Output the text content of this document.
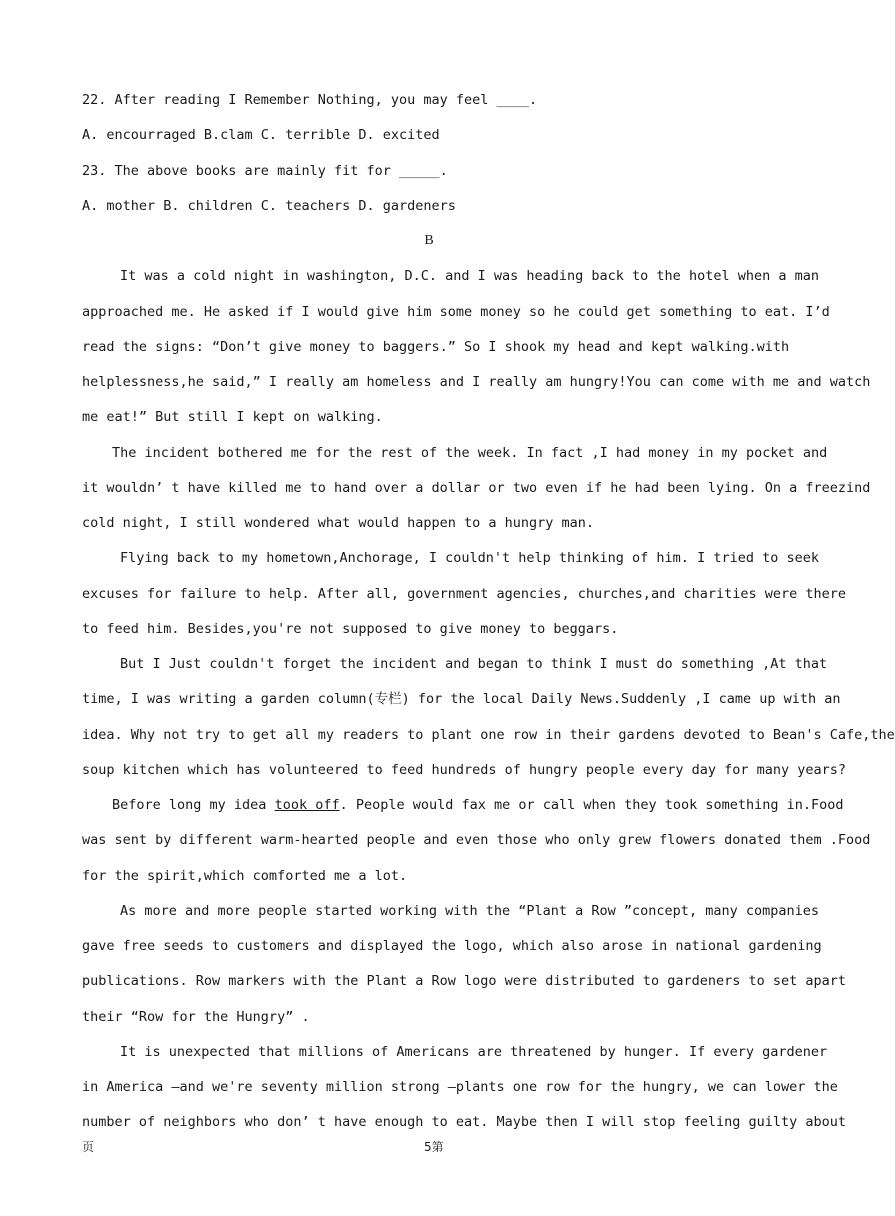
22. After reading I Remember Nothing, you may feel ____.
A. encourraged B.clam C. terrible D. excited
23. The above books are mainly fit for _____.
A. mother B. children C. teachers D. gardeners
B
It was a cold night in washington, D.C. and I was heading back to the hotel when a man
approached me. He asked if I would give him some money so he could get something to eat. I’d
read the signs: “Don’t give money to baggers.” So I shook my head and kept walking.with
helplessness,he said,” I really am homeless and I really am hungry!You can come with me and watch
me eat!” But still I kept on walking.
The incident bothered me for the rest of the week. In fact ,I had money in my pocket and
it wouldn’ t have killed me to hand over a dollar or two even if he had been lying. On a freezind
cold night, I still wondered what would happen to a hungry man.
Flying back to my hometown,Anchorage, I couldn't help thinking of him. I tried to seek
excuses for failure to help. After all, government agencies, churches,and charities were there
to feed him. Besides,you're not supposed to give money to beggars.
But I Just couldn't forget the incident and began to think I must do something ,At that
time, I was writing a garden column(专栏) for the local Daily News.Suddenly ,I came up with an
idea. Why not try to get all my readers to plant one row in their gardens devoted to Bean's Cafe,the
soup kitchen which has volunteered to feed hundreds of hungry people every day for many years?
Before long my idea took off. People would fax me or call when they took something in.Food
was sent by different warm-hearted people and even those who only grew flowers donated them .Food
for the spirit,which comforted me a lot.
As more and more people started working with the “Plant a Row ”concept, many companies
gave free seeds to customers and displayed the logo, which also arose in national gardening
publications. Row markers with the Plant a Row logo were distributed to gardeners to set apart
their “Row for the Hungry” .
It is unexpected that millions of Americans are threatened by hunger. If every gardener
in America —and we're seventy million strong —plants one row for the hungry, we can lower the
number of neighbors who don’ t have enough to eat. Maybe then I will stop feeling guilty about
页	5第
